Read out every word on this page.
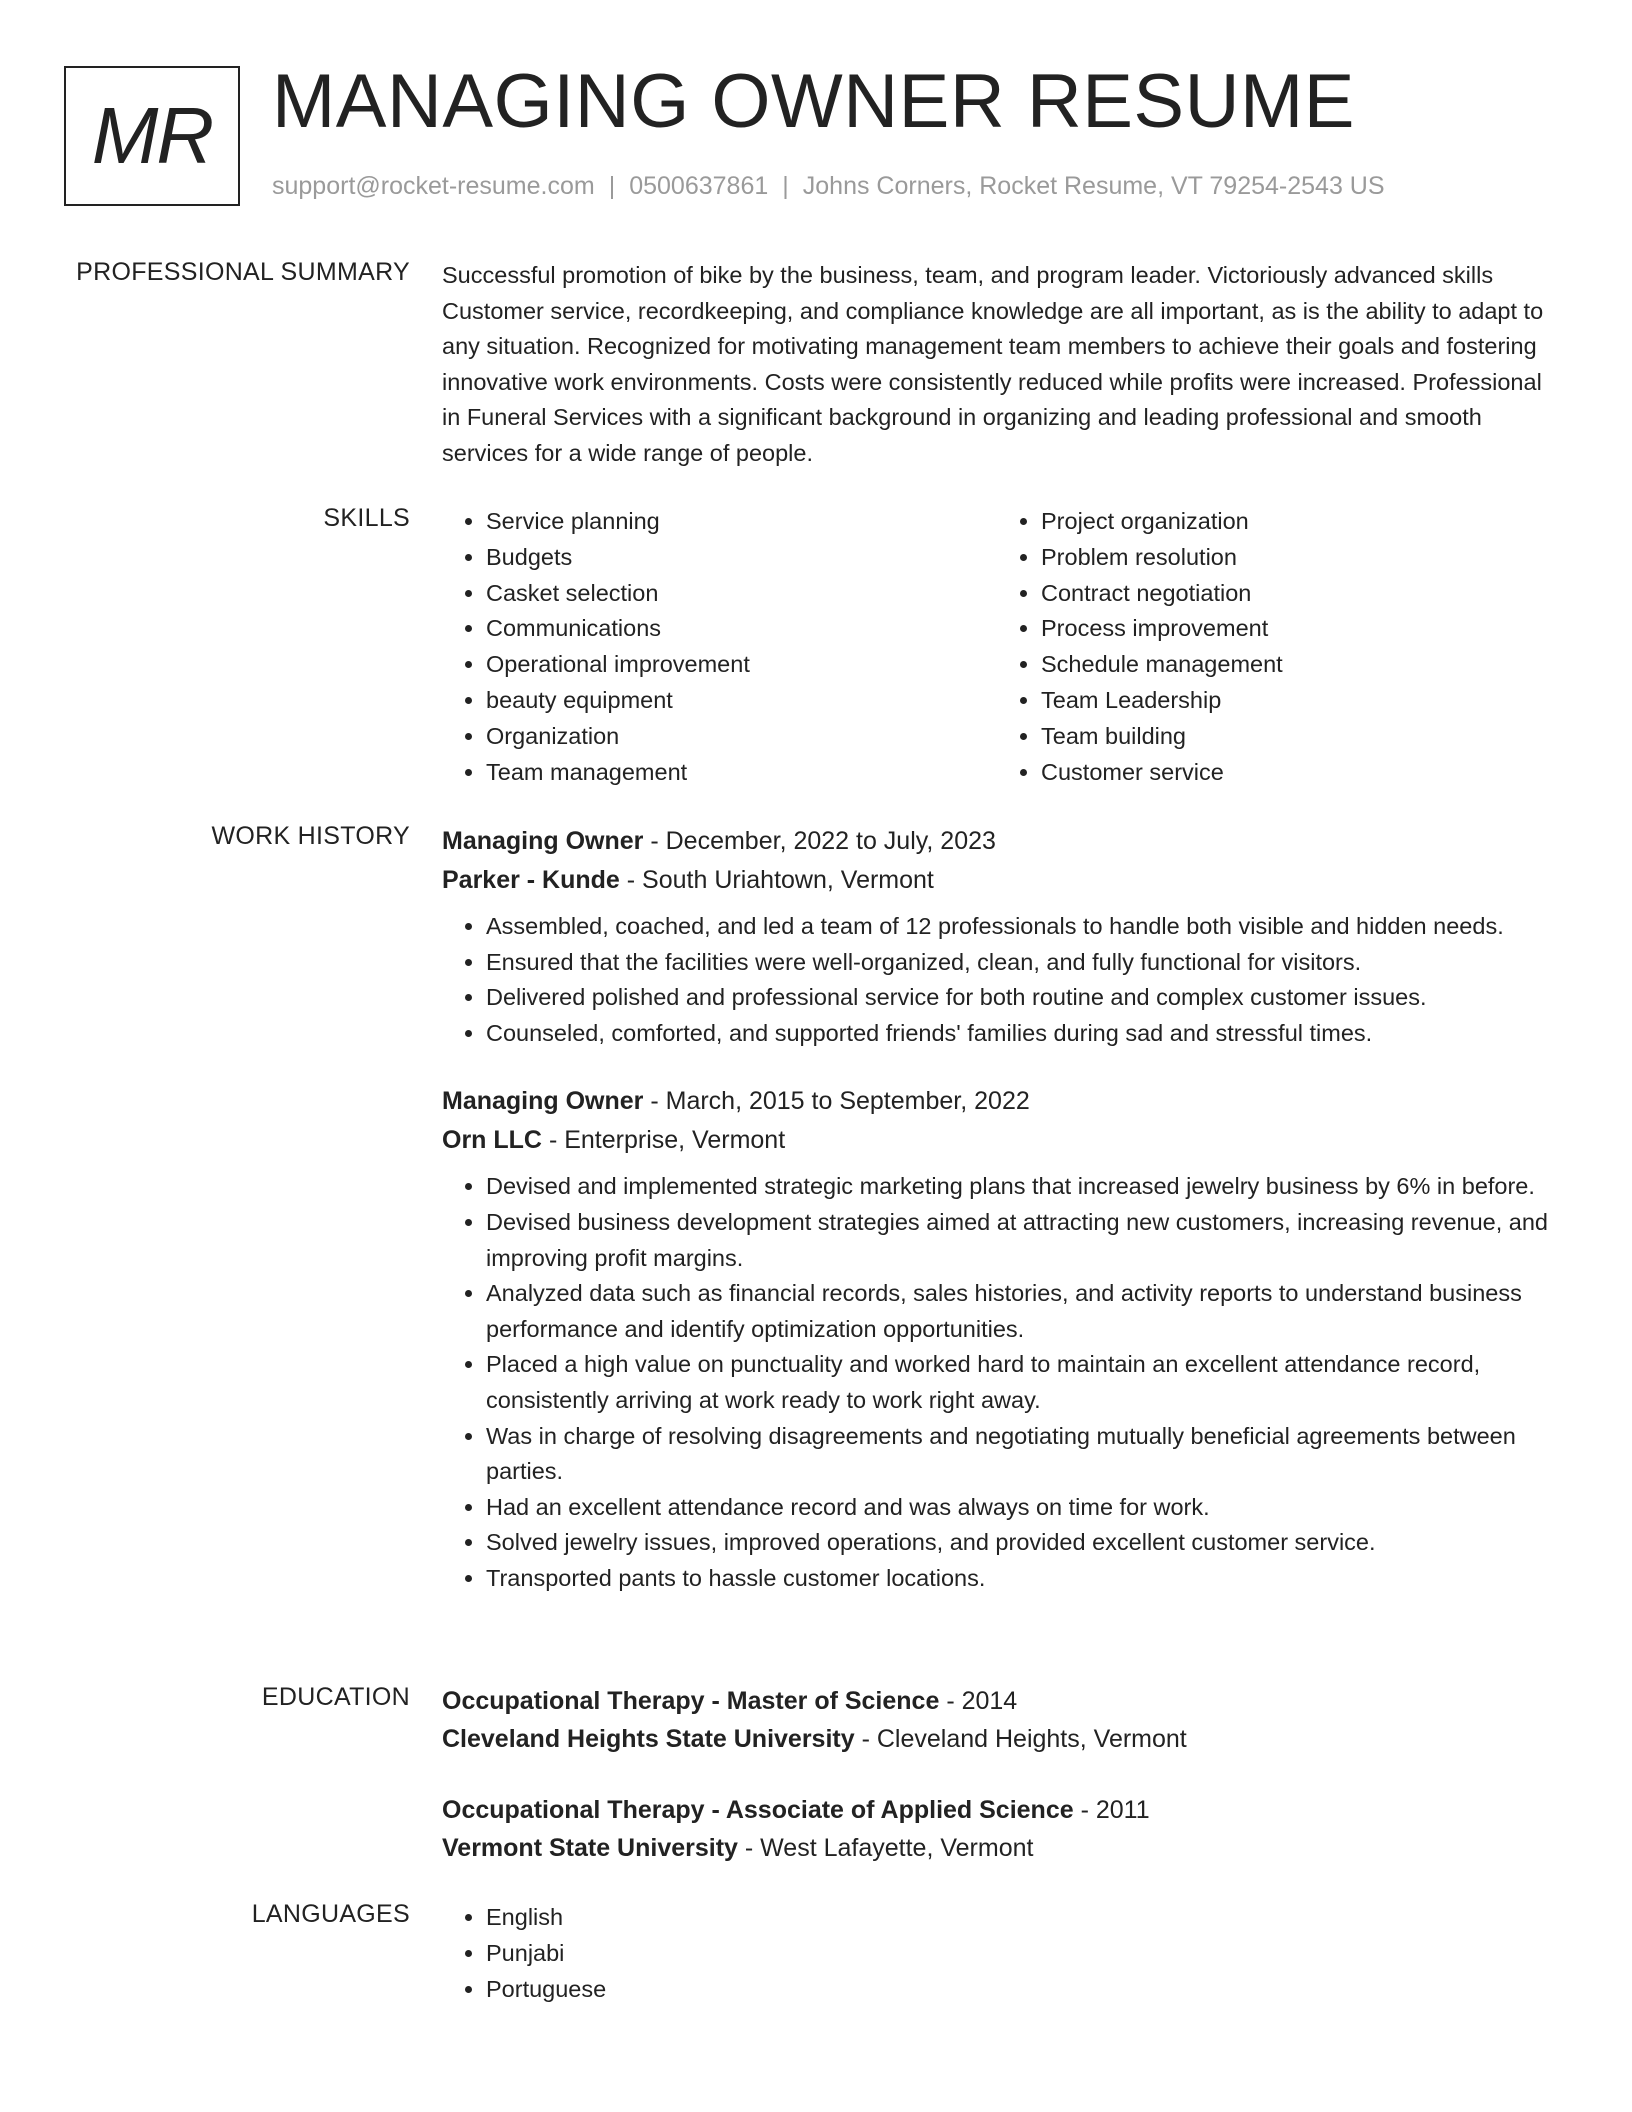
MR MANAGING OWNER RESUME
support@rocket-resume.com | 0500637861 | Johns Corners, Rocket Resume, VT 79254-2543 US
PROFESSIONAL SUMMARY Successful promotion of bike by the business, team, and program leader. Victoriously advanced skills Customer service, recordkeeping, and compliance knowledge are all important, as is the ability to adapt to any situation. Recognized for motivating management team members to achieve their goals and fostering innovative work environments. Costs were consistently reduced while profits were increased. Professional in Funeral Services with a significant background in organizing and leading professional and smooth services for a wide range of people.

SKILLS	• Service planning
• Budgets
• Casket selection
• Communications
• Operational improvement
• beauty equipment
• Organization
• Team management
• Project organization
• Problem resolution
• Contract negotiation
• Process improvement
• Schedule management
• Team Leadership
• Team building
• Customer service
WORK HISTORY Managing Owner - December, 2022 to July, 2023
Parker - Kunde - South Uriahtown, Vermont
• Assembled, coached, and led a team of 12 professionals to handle both visible and hidden needs.
• Ensured that the facilities were well-organized, clean, and fully functional for visitors.
• Delivered polished and professional service for both routine and complex customer issues.
• Counseled, comforted, and supported friends' families during sad and stressful times.
Managing Owner - March, 2015 to September, 2022
Orn LLC - Enterprise, Vermont
• Devised and implemented strategic marketing plans that increased jewelry business by 6% in before.
• Devised business development strategies aimed at attracting new customers, increasing revenue, and improving profit margins.
• Analyzed data such as financial records, sales histories, and activity reports to understand business performance and identify optimization opportunities.
• Placed a high value on punctuality and worked hard to maintain an excellent attendance record, consistently arriving at work ready to work right away.
• Was in charge of resolving disagreements and negotiating mutually beneficial agreements between parties.
• Had an excellent attendance record and was always on time for work.
• Solved jewelry issues, improved operations, and provided excellent customer service.
• Transported pants to hassle customer locations.
EDUCATION Occupational Therapy - Master of Science - 2014
Cleveland Heights State University - Cleveland Heights, Vermont
Occupational Therapy - Associate of Applied Science - 2011
Vermont State University - West Lafayette, Vermont
LANGUAGES	• English
• Punjabi
• Portuguese
